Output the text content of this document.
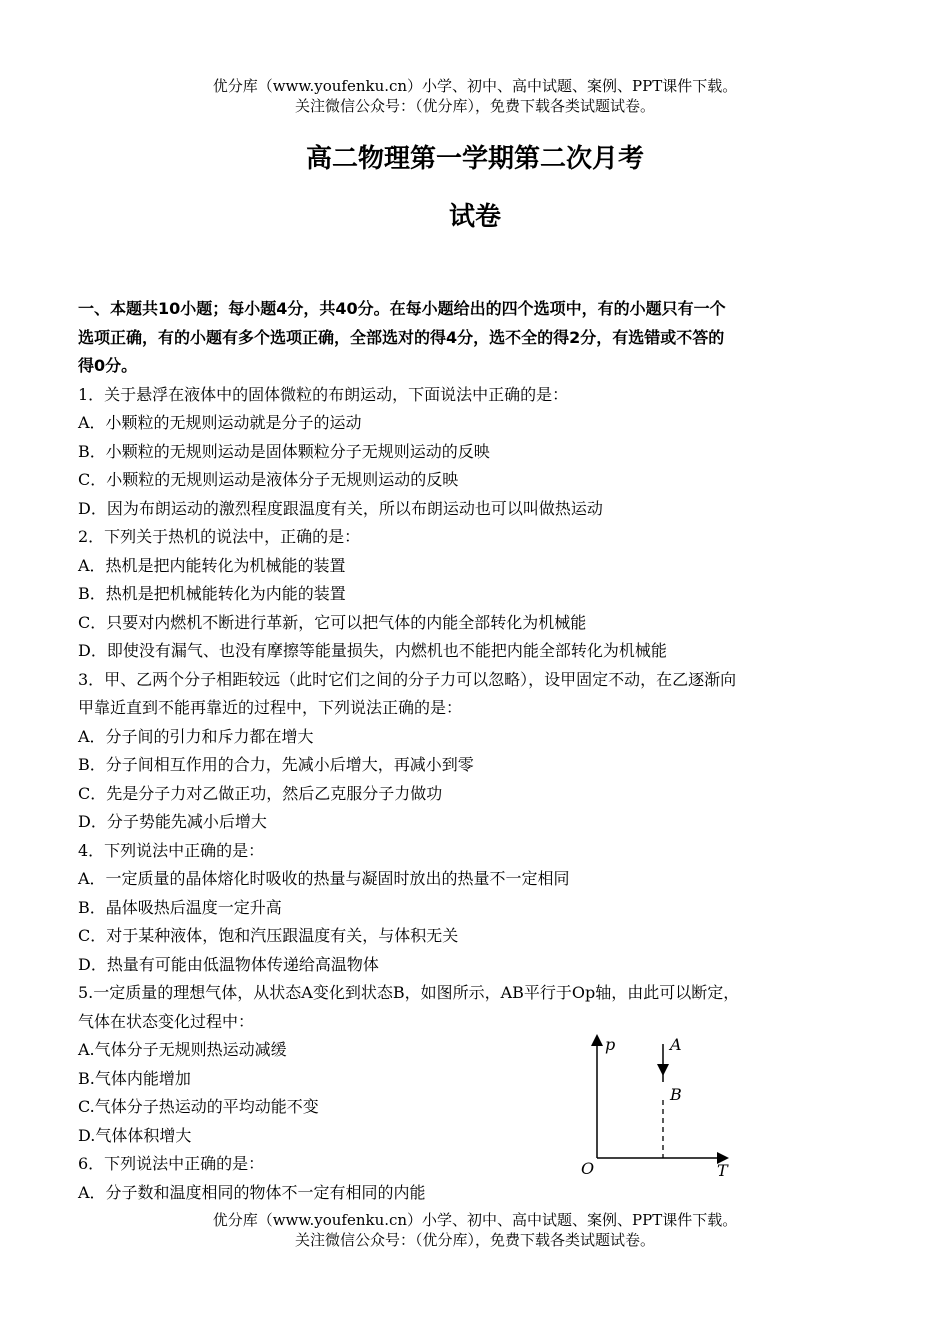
优分库（www.youfenku.cn）小学、初中、高中试题、案例、PPT课件下载。
关注微信公众号：（优分库），免费下载各类试题试卷。
高二物理第一学期第二次月考
试卷
一、本题共10小题；每小题4分，共40分。在每小题给出的四个选项中，有的小题只有一个
选项正确，有的小题有多个选项正确，全部选对的得4分，选不全的得2分，有选错或不答的
得0分。
1．关于悬浮在液体中的固体微粒的布朗运动，下面说法中正确的是：
A．小颗粒的无规则运动就是分子的运动
B．小颗粒的无规则运动是固体颗粒分子无规则运动的反映
C．小颗粒的无规则运动是液体分子无规则运动的反映
D．因为布朗运动的激烈程度跟温度有关，所以布朗运动也可以叫做热运动
2．下列关于热机的说法中，正确的是：
A．热机是把内能转化为机械能的装置
B．热机是把机械能转化为内能的装置
C．只要对内燃机不断进行革新，它可以把气体的内能全部转化为机械能
D．即使没有漏气、也没有摩擦等能量损失，内燃机也不能把内能全部转化为机械能
3．甲、乙两个分子相距较远（此时它们之间的分子力可以忽略），设甲固定不动，在乙逐渐向
甲靠近直到不能再靠近的过程中，下列说法正确的是：
A．分子间的引力和斥力都在增大
B．分子间相互作用的合力，先减小后增大，再减小到零
C．先是分子力对乙做正功，然后乙克服分子力做功
D．分子势能先减小后增大
4．下列说法中正确的是：
A．一定质量的晶体熔化时吸收的热量与凝固时放出的热量不一定相同
B．晶体吸热后温度一定升高
C．对于某种液体，饱和汽压跟温度有关，与体积无关
D．热量有可能由低温物体传递给高温物体
5.一定质量的理想气体，从状态A变化到状态B，如图所示，AB平行于Op轴，由此可以断定，
气体在状态变化过程中：
A.气体分子无规则热运动减缓
B.气体内能增加
C.气体分子热运动的平均动能不变
D.气体体积增大
6．下列说法中正确的是：
A．分子数和温度相同的物体不一定有相同的内能
p
T
O
A
B
优分库（www.youfenku.cn）小学、初中、高中试题、案例、PPT课件下载。
关注微信公众号：（优分库），免费下载各类试题试卷。
